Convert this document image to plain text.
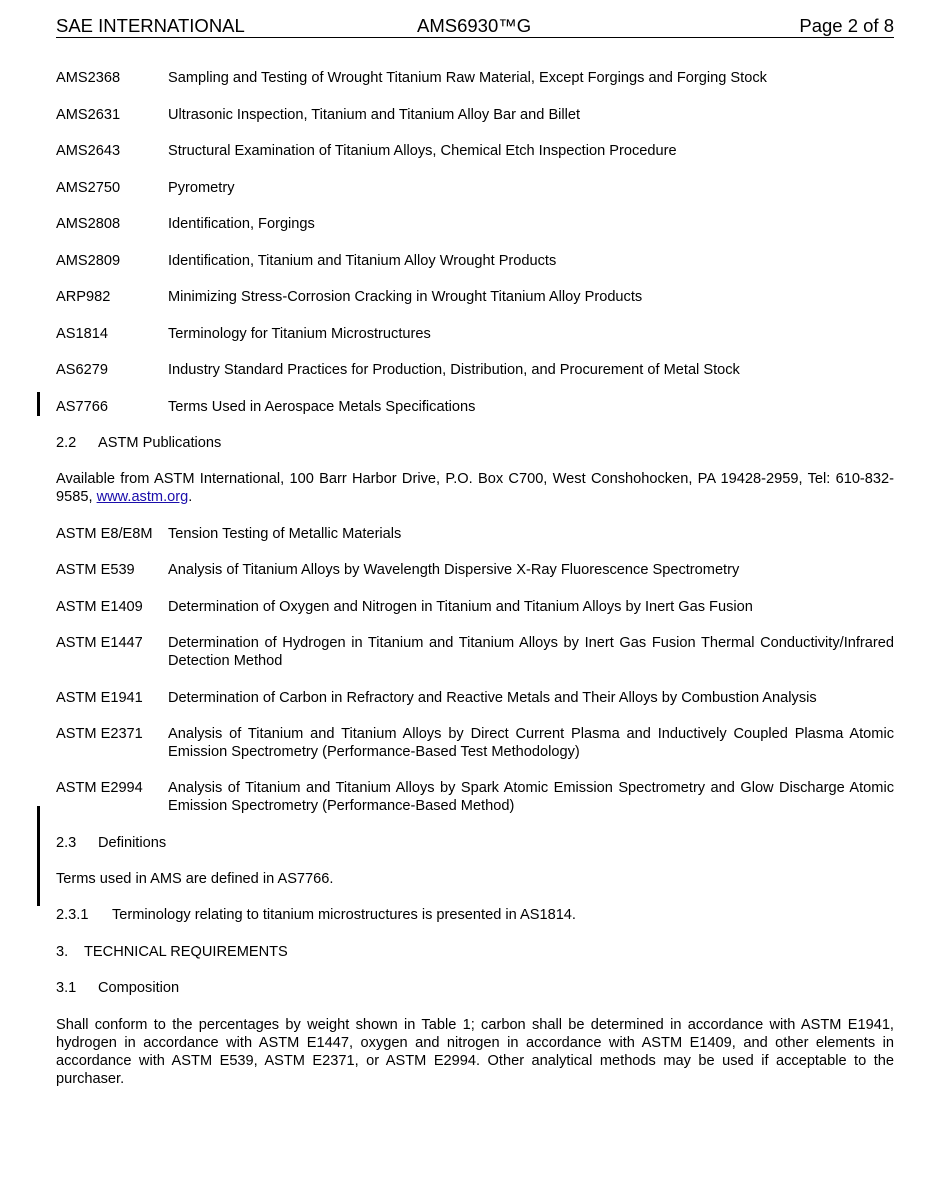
SAE INTERNATIONAL	AMS6930™G	Page 2 of 8
AMS2368	Sampling and Testing of Wrought Titanium Raw Material, Except Forgings and Forging Stock
AMS2631	Ultrasonic Inspection, Titanium and Titanium Alloy Bar and Billet
AMS2643	Structural Examination of Titanium Alloys, Chemical Etch Inspection Procedure
AMS2750	Pyrometry
AMS2808	Identification, Forgings
AMS2809	Identification, Titanium and Titanium Alloy Wrought Products
ARP982	Minimizing Stress-Corrosion Cracking in Wrought Titanium Alloy Products
AS1814	Terminology for Titanium Microstructures
AS6279	Industry Standard Practices for Production, Distribution, and Procurement of Metal Stock
AS7766	Terms Used in Aerospace Metals Specifications
2.2 ASTM Publications
Available from ASTM International, 100 Barr Harbor Drive, P.O. Box C700, West Conshohocken, PA 19428-2959, Tel: 610-832-9585, www.astm.org.
ASTM E8/E8M	Tension Testing of Metallic Materials
ASTM E539	Analysis of Titanium Alloys by Wavelength Dispersive X-Ray Fluorescence Spectrometry
ASTM E1409	Determination of Oxygen and Nitrogen in Titanium and Titanium Alloys by Inert Gas Fusion
ASTM E1447	Determination of Hydrogen in Titanium and Titanium Alloys by Inert Gas Fusion Thermal Conductivity/Infrared Detection Method
ASTM E1941	Determination of Carbon in Refractory and Reactive Metals and Their Alloys by Combustion Analysis
ASTM E2371	Analysis of Titanium and Titanium Alloys by Direct Current Plasma and Inductively Coupled Plasma Atomic Emission Spectrometry (Performance-Based Test Methodology)
ASTM E2994	Analysis of Titanium and Titanium Alloys by Spark Atomic Emission Spectrometry and Glow Discharge Atomic Emission Spectrometry (Performance-Based Method)
2.3 Definitions
Terms used in AMS are defined in AS7766.
2.3.1 Terminology relating to titanium microstructures is presented in AS1814.
3. TECHNICAL REQUIREMENTS
3.1 Composition
Shall conform to the percentages by weight shown in Table 1; carbon shall be determined in accordance with ASTM E1941, hydrogen in accordance with ASTM E1447, oxygen and nitrogen in accordance with ASTM E1409, and other elements in accordance with ASTM E539, ASTM E2371, or ASTM E2994. Other analytical methods may be used if acceptable to the purchaser.
